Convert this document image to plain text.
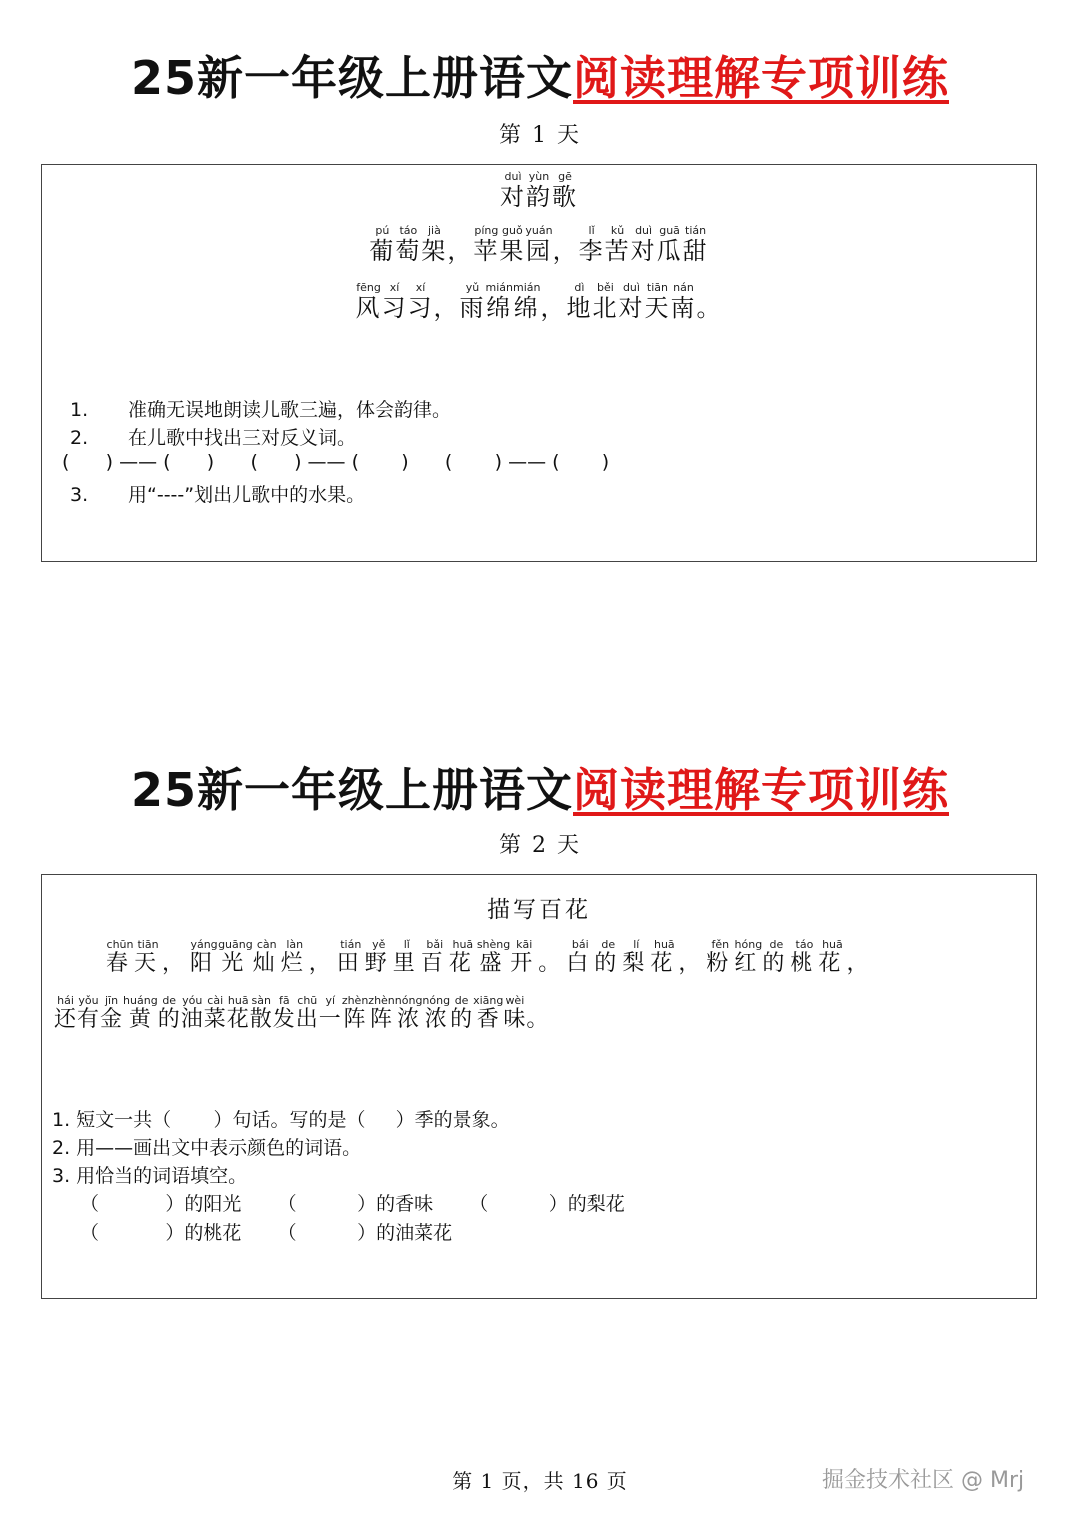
25新一年级上册语文阅读理解专项训练
第 1 天
对duì韵yùn歌gē
葡pú萄táo架jià，苹píng果guǒ园yuán，李lǐ苦kǔ对duì瓜guā甜tián
风fēng习xí习xí，雨yǔ绵mián绵mián，地dì北běi对duì天tiān南nán。
1. 准确无误地朗读儿歌三遍，体会韵律。
2. 在儿歌中找出三对反义词。
(      ) —— (      )      (      ) —— (       )      (       ) —— (       )
3. 用“----”划出儿歌中的水果。
25新一年级上册语文阅读理解专项训练
第 2 天
描写百花
春chūn天tiān，阳yáng光guāng灿càn烂làn，田tián野yě里lǐ百bǎi花huā盛shèng开kāi。白bái的de梨lí花huā，粉fěn红hóng的de桃táo花huā，
还hái有yǒu金jīn黄huáng的de油yóu菜cài花huā散sàn发fā出chū一yí阵zhèn阵zhèn浓nóng浓nóng的de香xiāng味wèi。
1. 短文一共（       ）句话。写的是（     ）季的景象。
2. 用——画出文中表示颜色的词语。
3. 用恰当的词语填空。
（           ）的阳光      （          ）的香味      （          ）的梨花
（           ）的桃花      （          ）的油菜花
第 1 页，共 16 页	掘金技术社区 @ Mrj
